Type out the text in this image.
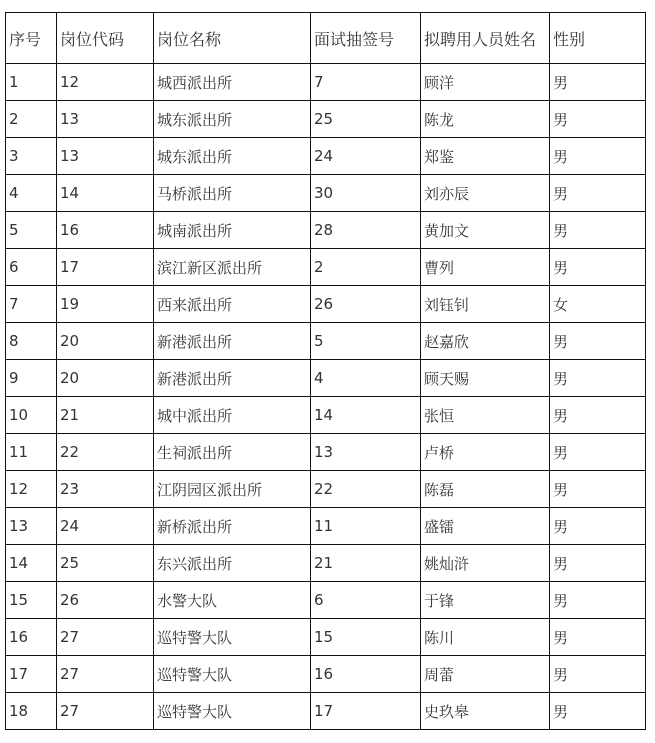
序号	岗位代码	岗位名称	面试抽签号	拟聘用人员姓名	性别
1	12	城西派出所	7	顾洋	男
2	13	城东派出所	25	陈龙	男
3	13	城东派出所	24	郑鉴	男
4	14	马桥派出所	30	刘亦辰	男
5	16	城南派出所	28	黄加文	男
6	17	滨江新区派出所	2	曹列	男
7	19	西来派出所	26	刘钰钊	女
8	20	新港派出所	5	赵嘉欣	男
9	20	新港派出所	4	顾天赐	男
10	21	城中派出所	14	张恒	男
11	22	生祠派出所	13	卢桥	男
12	23	江阴园区派出所	22	陈磊	男
13	24	新桥派出所	11	盛镭	男
14	25	东兴派出所	21	姚灿浒	男
15	26	水警大队	6	于锋	男
16	27	巡特警大队	15	陈川	男
17	27	巡特警大队	16	周蕾	男
18	27	巡特警大队	17	史玖皋	男
